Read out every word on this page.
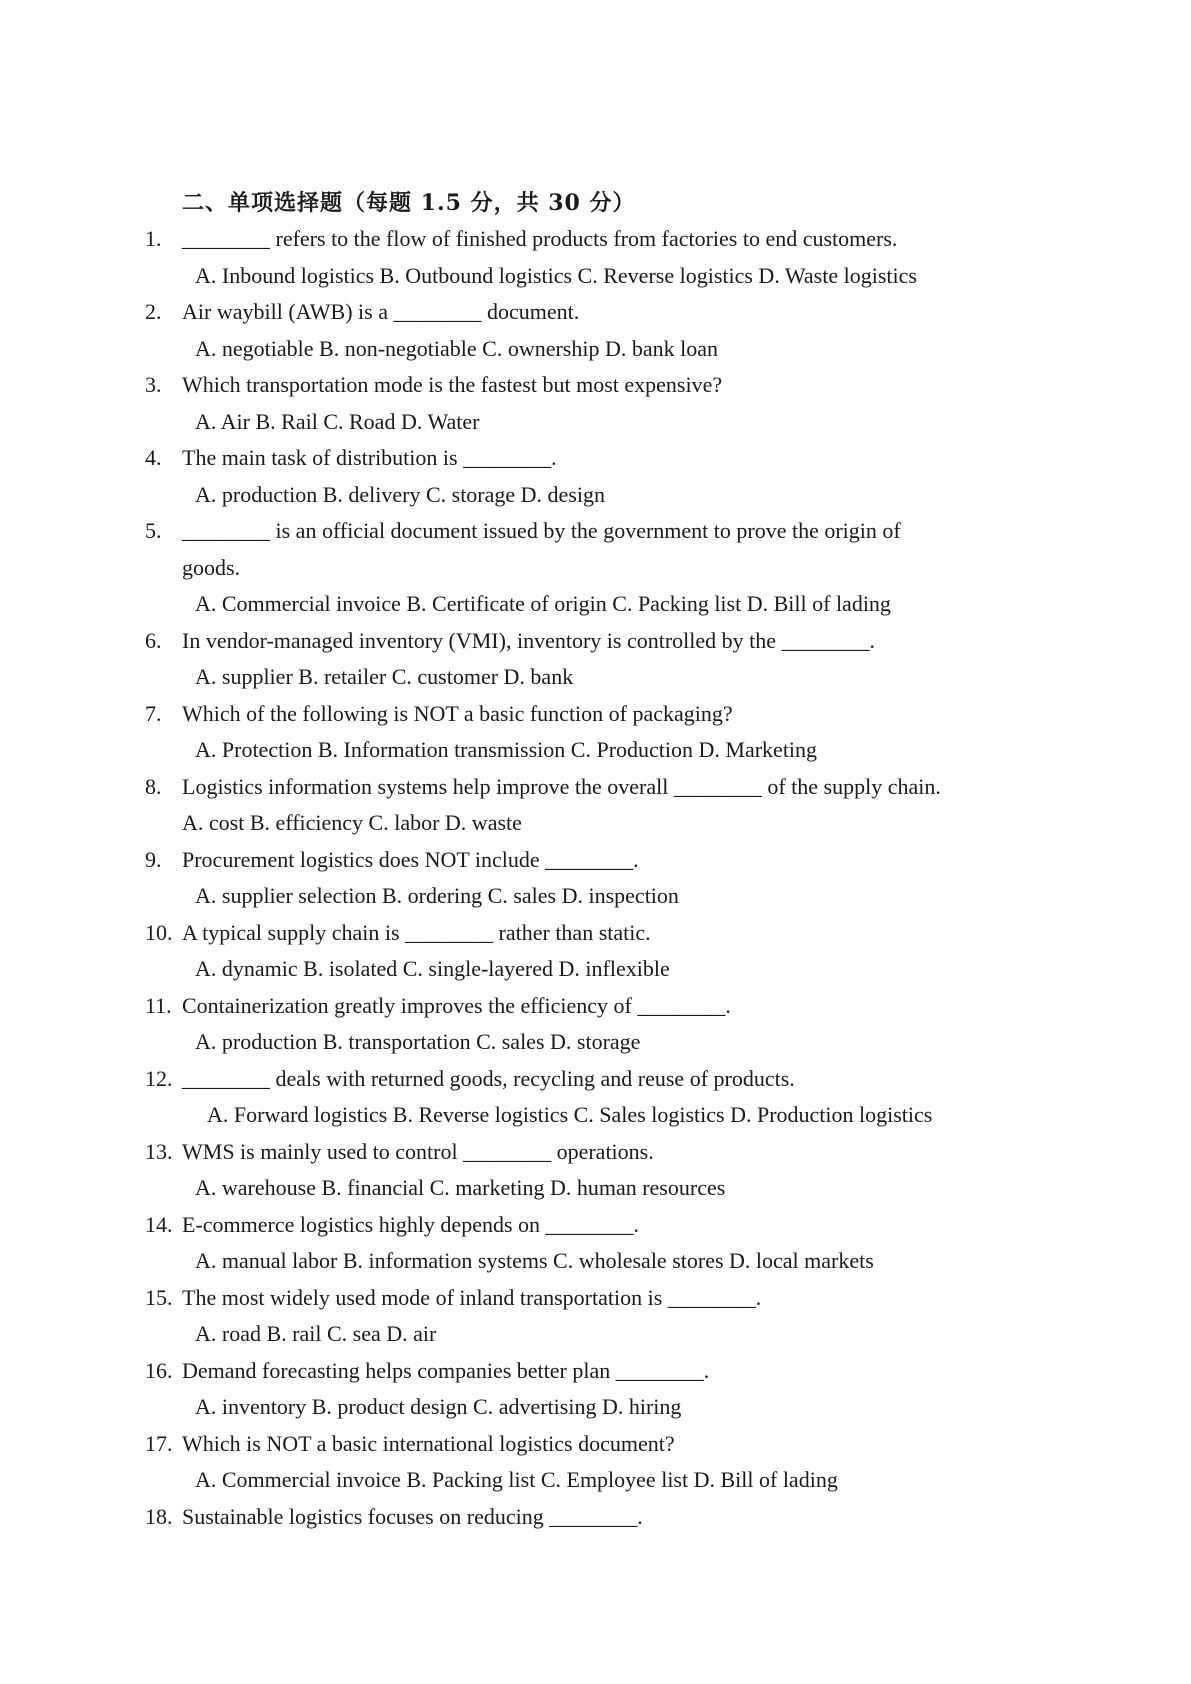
二、单项选择题（每题 1.5 分，共 30 分）
1. ________ refers to the flow of finished products from factories to end customers.
A. Inbound logistics B. Outbound logistics C. Reverse logistics D. Waste logistics
2. Air waybill (AWB) is a ________ document.
A. negotiable B. non-negotiable C. ownership D. bank loan
3. Which transportation mode is the fastest but most expensive?
A. Air B. Rail C. Road D. Water
4. The main task of distribution is ________.
A. production B. delivery C. storage D. design
5. ________ is an official document issued by the government to prove the origin of
goods.
A. Commercial invoice B. Certificate of origin C. Packing list D. Bill of lading
6. In vendor-managed inventory (VMI), inventory is controlled by the ________.
A. supplier B. retailer C. customer D. bank
7. Which of the following is NOT a basic function of packaging?
A. Protection B. Information transmission C. Production D. Marketing
8. Logistics information systems help improve the overall ________ of the supply chain.
A. cost B. efficiency C. labor D. waste
9. Procurement logistics does NOT include ________.
A. supplier selection B. ordering C. sales D. inspection
10. A typical supply chain is ________ rather than static.
A. dynamic B. isolated C. single-layered D. inflexible
11. Containerization greatly improves the efficiency of ________.
A. production B. transportation C. sales D. storage
12. ________ deals with returned goods, recycling and reuse of products.
A. Forward logistics B. Reverse logistics C. Sales logistics D. Production logistics
13. WMS is mainly used to control ________ operations.
A. warehouse B. financial C. marketing D. human resources
14. E-commerce logistics highly depends on ________.
A. manual labor B. information systems C. wholesale stores D. local markets
15. The most widely used mode of inland transportation is ________.
A. road B. rail C. sea D. air
16. Demand forecasting helps companies better plan ________.
A. inventory B. product design C. advertising D. hiring
17. Which is NOT a basic international logistics document?
A. Commercial invoice B. Packing list C. Employee list D. Bill of lading
18. Sustainable logistics focuses on reducing ________.
